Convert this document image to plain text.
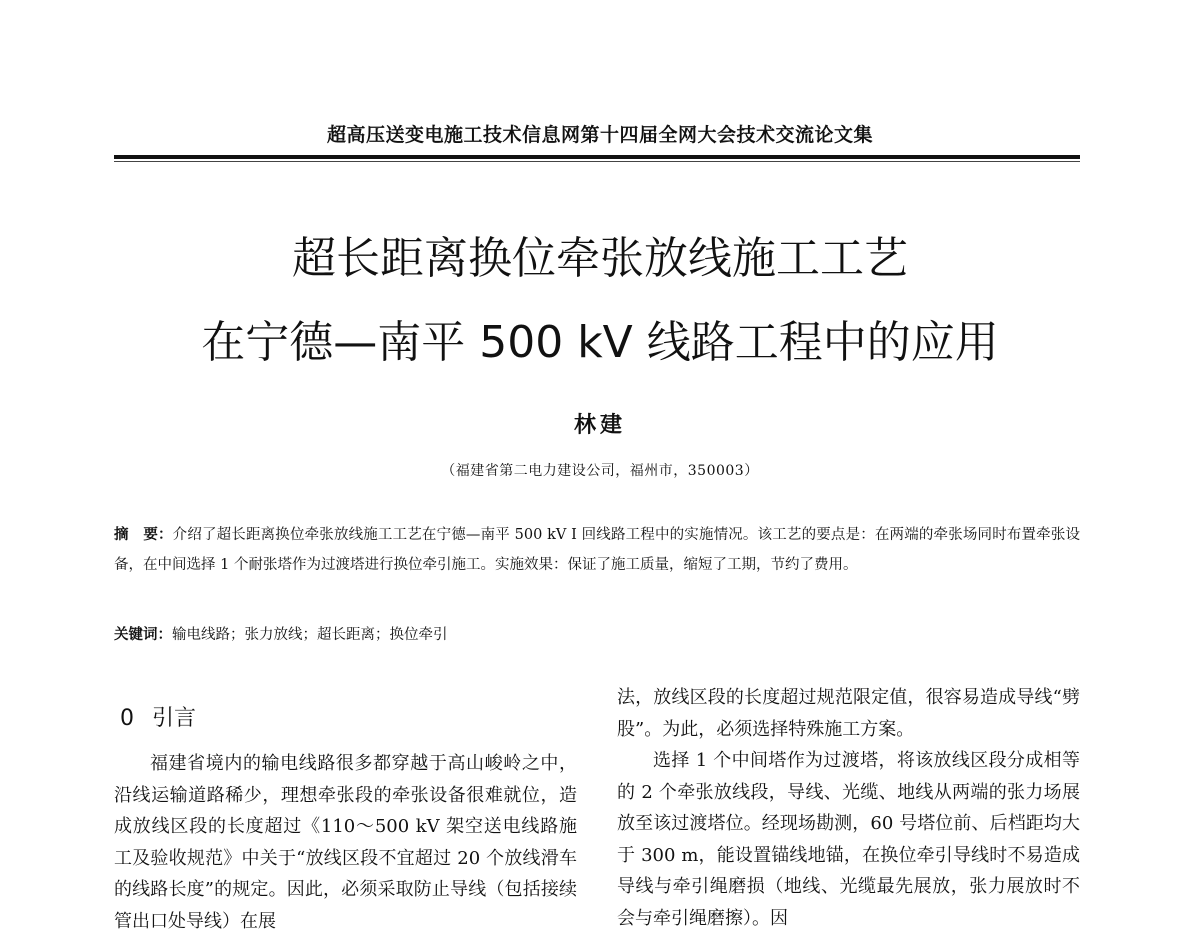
超高压送变电施工技术信息网第十四届全网大会技术交流论文集
超长距离换位牵张放线施工工艺
在宁德—南平 500 kV 线路工程中的应用
林建
（福建省第二电力建设公司，福州市，350003）
摘　要：介绍了超长距离换位牵张放线施工工艺在宁德—南平 500 kV I 回线路工程中的实施情况。该工艺的要点是：在两端的牵张场同时布置牵张设备，在中间选择 1 个耐张塔作为过渡塔进行换位牵引施工。实施效果：保证了施工质量，缩短了工期，节约了费用。
关键词：输电线路；张力放线；超长距离；换位牵引
0 引言

福建省境内的输电线路很多都穿越于高山峻岭之中，沿线运输道路稀少，理想牵张段的牵张设备很难就位，造成放线区段的长度超过《110～500 kV 架空送电线路施工及验收规范》中关于“放线区段不宜超过 20 个放线滑车的线路长度”的规定。因此，必须采取防止导线（包括接续管出口处导线）在展

法，放线区段的长度超过规范限定值，很容易造成导线“劈股”。为此，必须选择特殊施工方案。

选择 1 个中间塔作为过渡塔，将该放线区段分成相等的 2 个牵张放线段，导线、光缆、地线从两端的张力场展放至该过渡塔位。经现场勘测，60 号塔位前、后档距均大于 300 m，能设置锚线地锚，在换位牵引导线时不易造成导线与牵引绳磨损（地线、光缆最先展放，张力展放时不会与牵引绳磨擦）。因
